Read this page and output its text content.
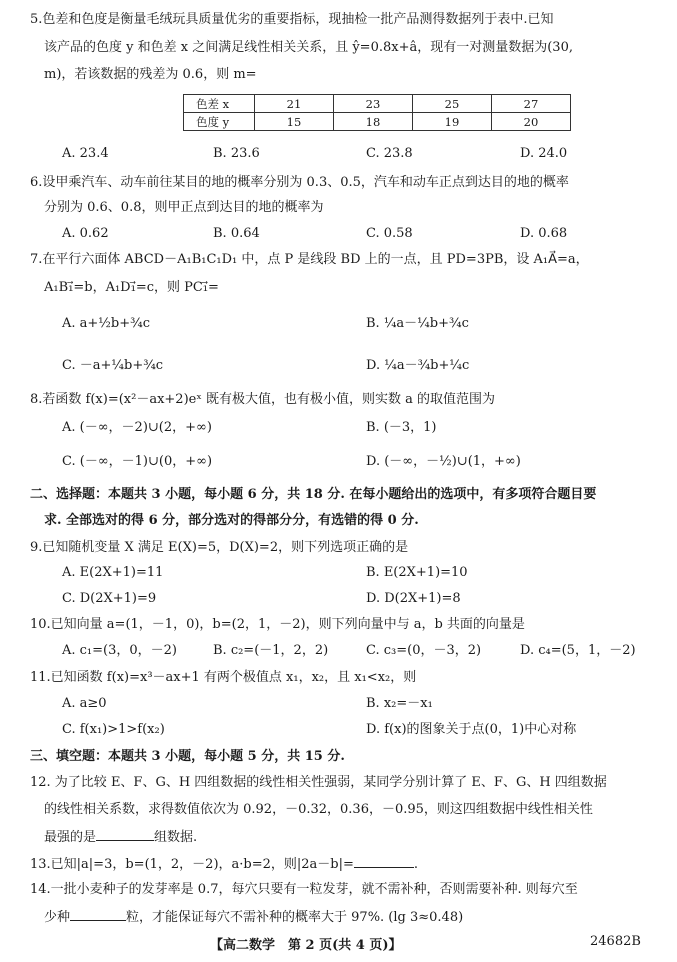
5.色差和色度是衡量毛绒玩具质量优劣的重要指标，现抽检一批产品测得数据列于表中.已知
该产品的色度 y 和色差 x 之间满足线性相关关系，且 ŷ=0.8x+â，现有一对测量数据为(30,
m)，若该数据的残差为 0.6，则 m=
色差 x	21	23	25	27
色度 y	15	18	19	20
A. 23.4	B. 23.6	C. 23.8	D. 24.0
6.设甲乘汽车、动车前往某目的地的概率分别为 0.3、0.5，汽车和动车正点到达目的地的概率
分别为 0.6、0.8，则甲正点到达目的地的概率为
A. 0.62	B. 0.64	C. 0.58	D. 0.68
7.在平行六面体 ABCD－A₁B₁C₁D₁ 中，点 P 是线段 BD 上的一点，且 PD=3PB，设 A₁A⃗=a，
A₁B₁⃗=b，A₁D₁⃗=c，则 PC₁⃗=
A. a+½b+¾c	B. ¼a－¼b+¾c
C. －a+¼b+¾c	D. ¼a－¾b+¼c
8.若函数 f(x)=(x²－ax+2)eˣ 既有极大值，也有极小值，则实数 a 的取值范围为
A. (－∞，－2)∪(2，+∞)	B. (－3，1)
C. (－∞，－1)∪(0，+∞)	D. (－∞，－½)∪(1，+∞)
二、选择题：本题共 3 小题，每小题 6 分，共 18 分. 在每小题给出的选项中，有多项符合题目要
求. 全部选对的得 6 分，部分选对的得部分分，有选错的得 0 分.
9.已知随机变量 X 满足 E(X)=5，D(X)=2，则下列选项正确的是
A. E(2X+1)=11	B. E(2X+1)=10
C. D(2X+1)=9	D. D(2X+1)=8
10.已知向量 a=(1，－1，0)，b=(2，1，－2)，则下列向量中与 a，b 共面的向量是
A. c₁=(3，0，－2)	B. c₂=(－1，2，2)	C. c₃=(0，－3，2)	D. c₄=(5，1，－2)
11.已知函数 f(x)=x³－ax+1 有两个极值点 x₁，x₂，且 x₁<x₂，则
A. a≥0	B. x₂=－x₁
C. f(x₁)>1>f(x₂)	D. f(x)的图象关于点(0，1)中心对称
三、填空题：本题共 3 小题，每小题 5 分，共 15 分.
12. 为了比较 E、F、G、H 四组数据的线性相关性强弱，某同学分别计算了 E、F、G、H 四组数据
的线性相关系数，求得数值依次为 0.92，－0.32，0.36，－0.95，则这四组数据中线性相关性
最强的是	组数据.
13.已知|a|=3，b=(1，2，－2)，a·b=2，则|2a－b|=	.
14.一批小麦种子的发芽率是 0.7，每穴只要有一粒发芽，就不需补种，否则需要补种. 则每穴至
少种	粒，才能保证每穴不需补种的概率大于 97%. (lg 3≈0.48)
【高二数学　第 2 页(共 4 页)】	24682B
